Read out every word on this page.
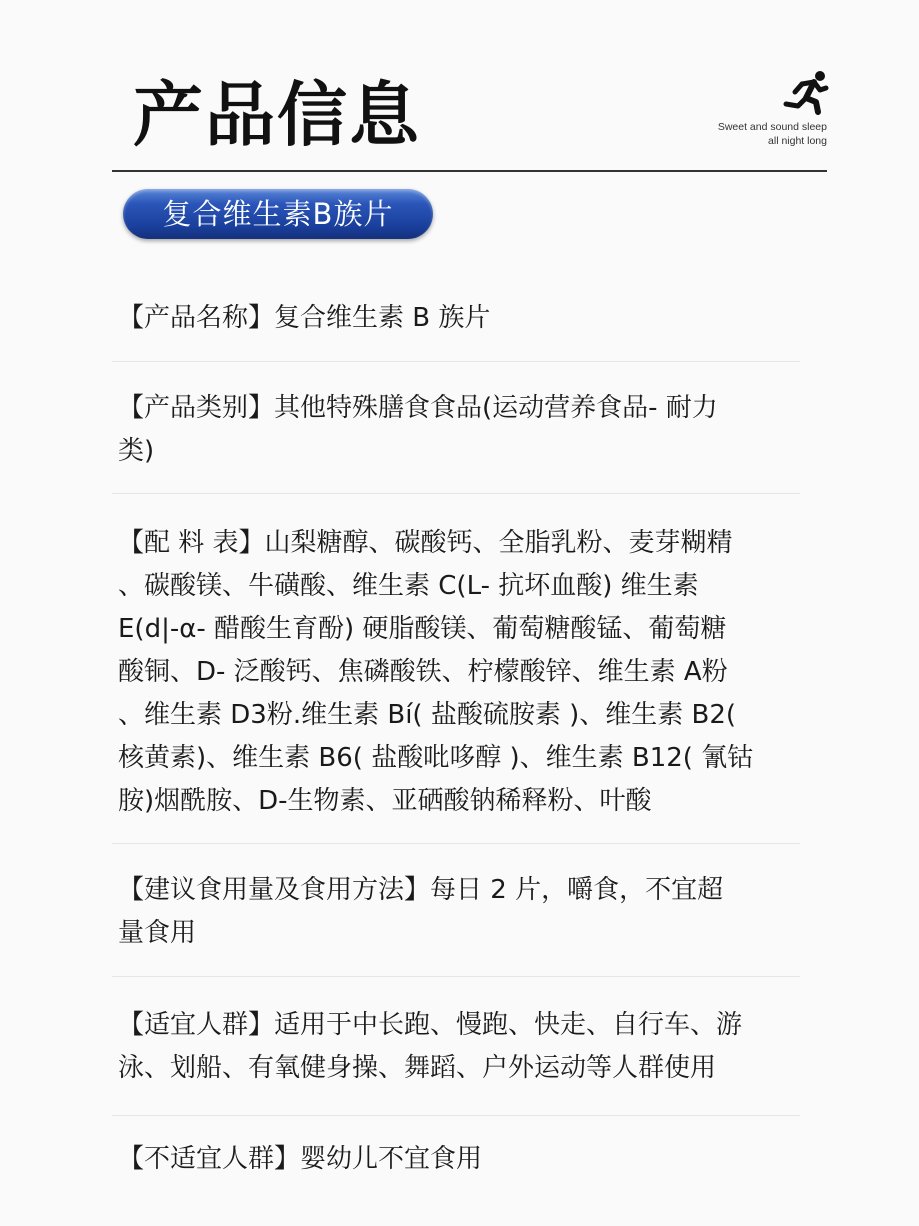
产品信息	Sweet and sound sleep
all night long
复合维生素B族片
【产品名称】复合维生素 B 族片
【产品类别】其他特殊膳食食品(运动营养食品- 耐力
类)
【配 料 表】山梨糖醇、碳酸钙、全脂乳粉、麦芽糊精
、碳酸镁、牛磺酸、维生素 C(L- 抗坏血酸) 维生素
E(d|-α- 醋酸生育酚) 硬脂酸镁、葡萄糖酸锰、葡萄糖
酸铜、D- 泛酸钙、焦磷酸铁、柠檬酸锌、维生素 A粉
、维生素 D3粉.维生素 Bí( 盐酸硫胺素 )、维生素 B2(
核黄素)、维生素 B6( 盐酸吡哆醇 )、维生素 B12( 氰钴
胺)烟酰胺、D-生物素、亚硒酸钠稀释粉、叶酸
【建议食用量及食用方法】每日 2 片，嚼食，不宜超
量食用
【适宜人群】适用于中长跑、慢跑、快走、自行车、游
泳、划船、有氧健身操、舞蹈、户外运动等人群使用
【不适宜人群】婴幼儿不宜食用
